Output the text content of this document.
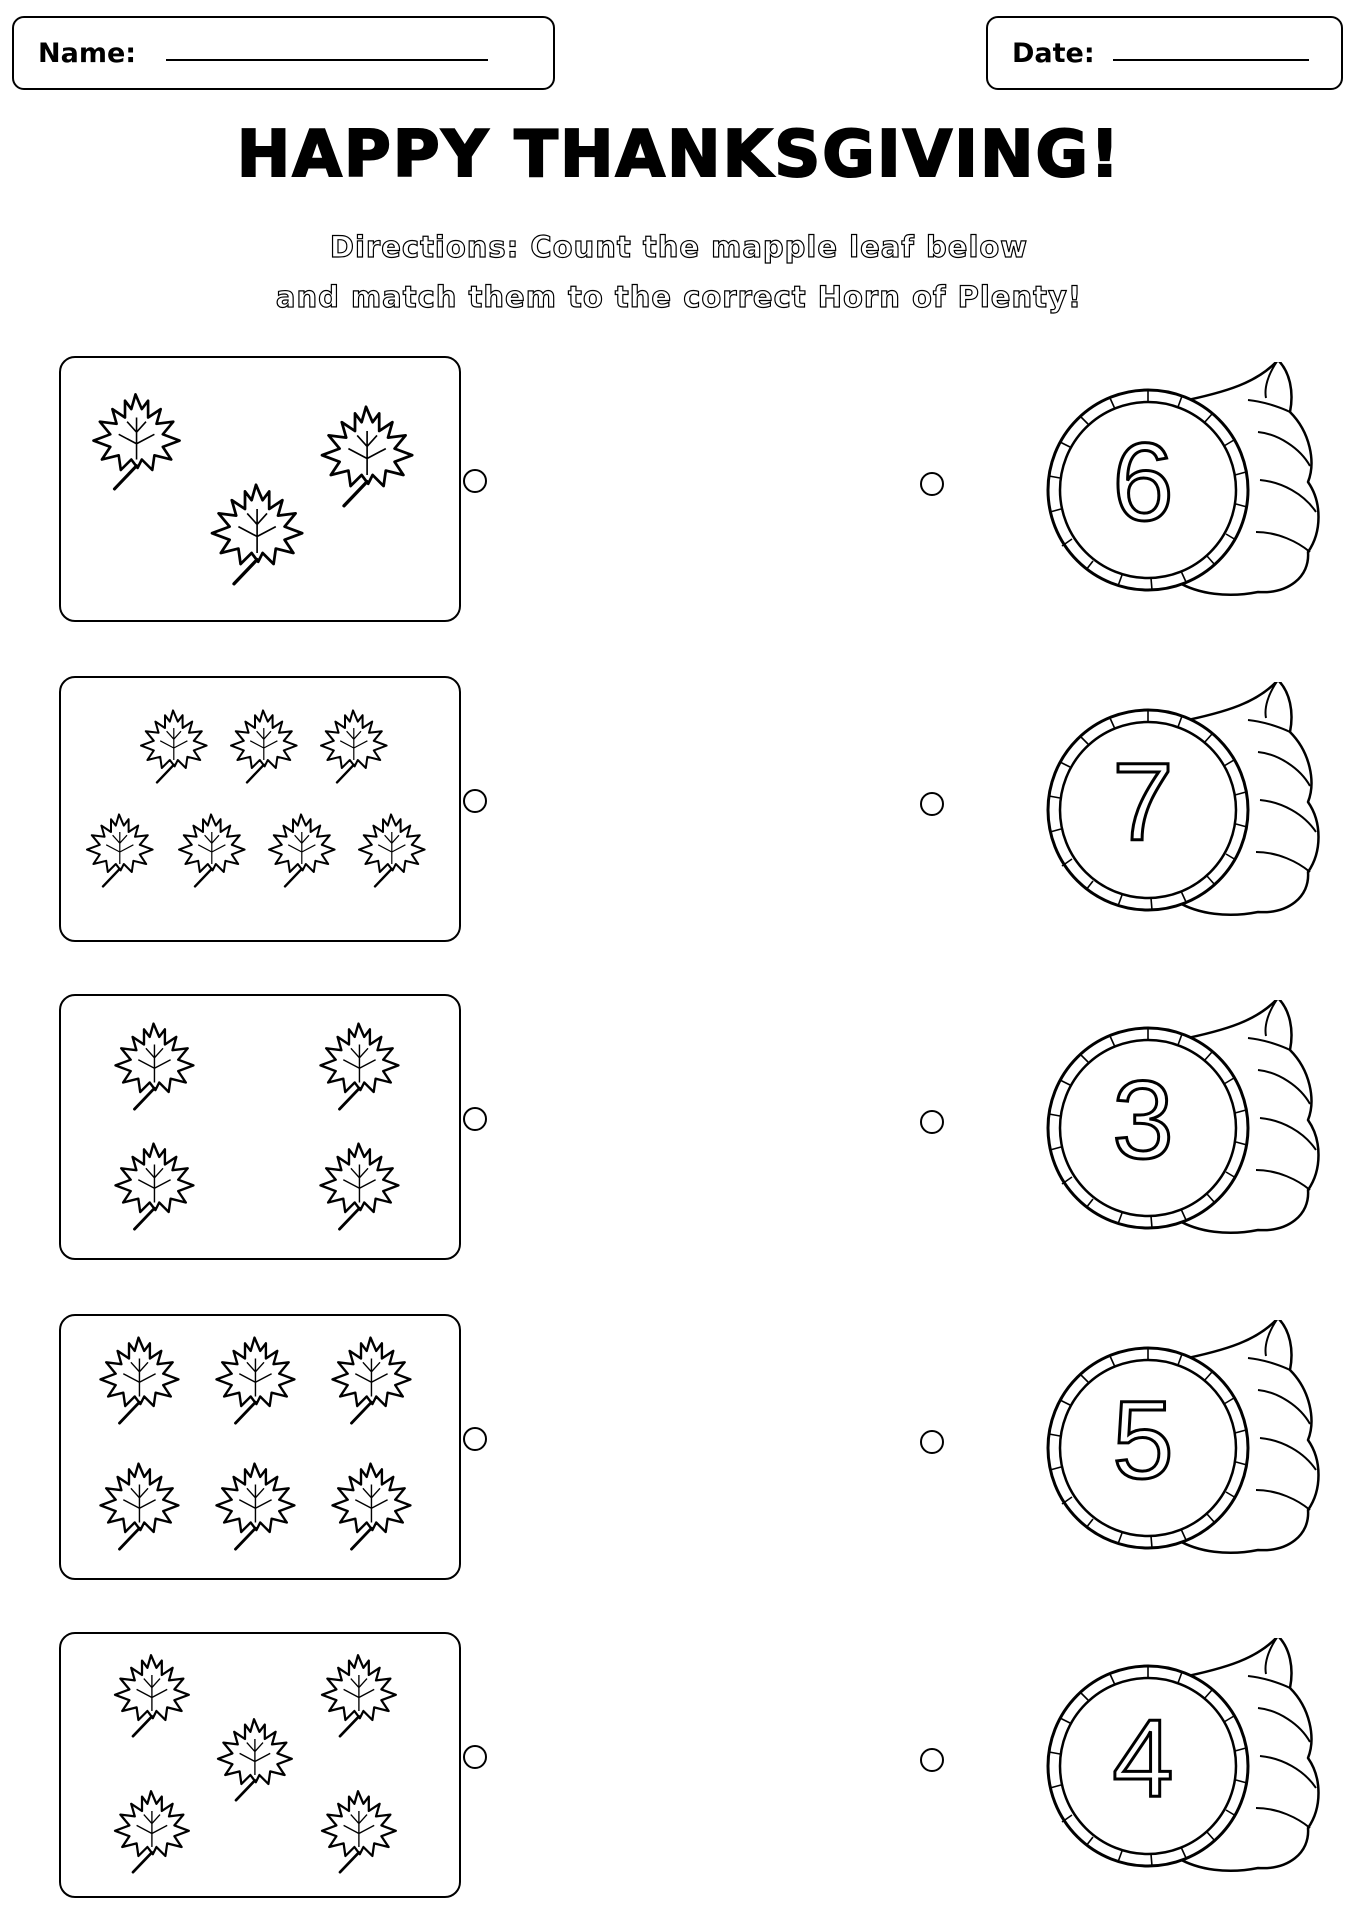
Name:	Date:
HAPPY THANKSGIVING!
Directions: Count the mapple leaf below
and match them to the correct Horn of Plenty!
6
7
3
5
4
